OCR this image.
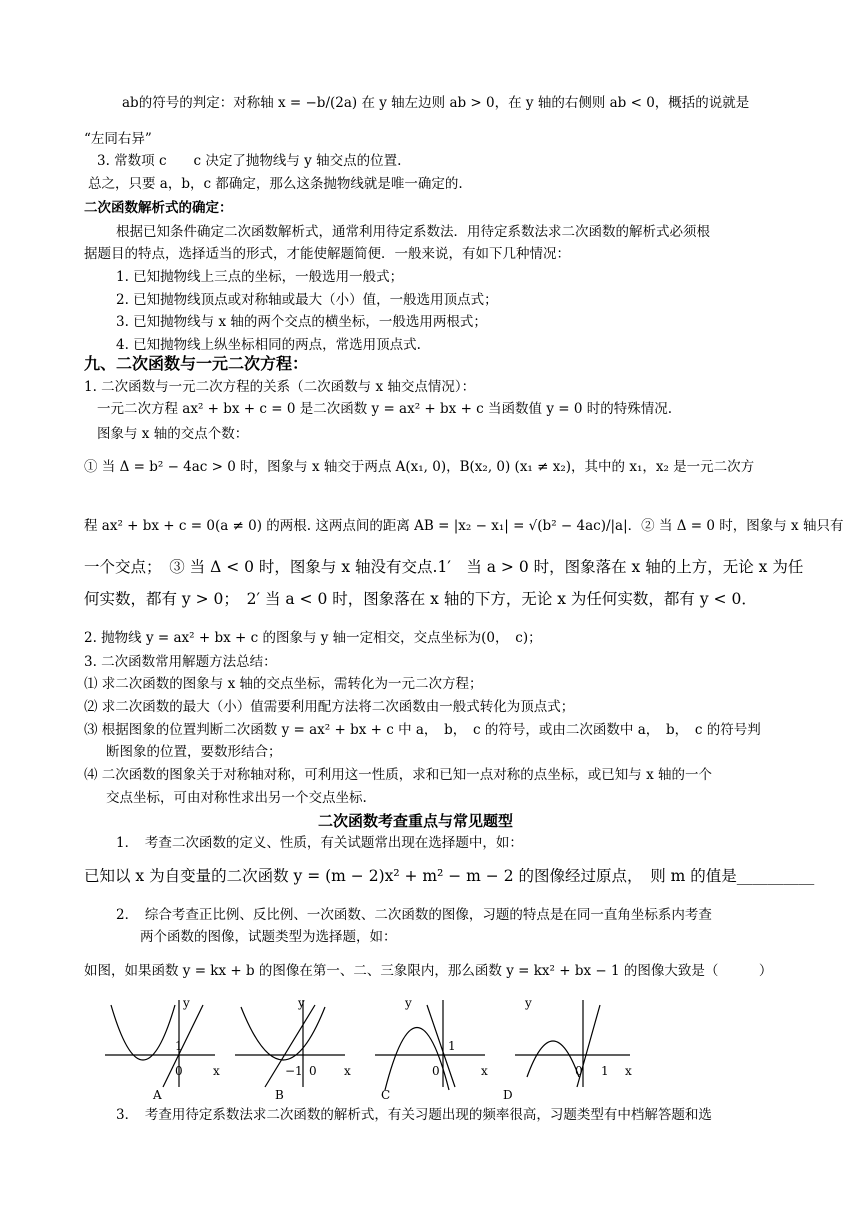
ab的符号的判定：对称轴 x = −b/(2a) 在 y 轴左边则 ab > 0，在 y 轴的右侧则 ab < 0，概括的说就是
“左同右异”
3. 常数项 c　　c 决定了抛物线与 y 轴交点的位置.
总之，只要 a，b，c 都确定，那么这条抛物线就是唯一确定的.
二次函数解析式的确定：
根据已知条件确定二次函数解析式，通常利用待定系数法．用待定系数法求二次函数的解析式必须根
据题目的特点，选择适当的形式，才能使解题简便．一般来说，有如下几种情况：
1. 已知抛物线上三点的坐标，一般选用一般式；
2. 已知抛物线顶点或对称轴或最大（小）值，一般选用顶点式；
3. 已知抛物线与 x 轴的两个交点的横坐标，一般选用两根式；
4. 已知抛物线上纵坐标相同的两点，常选用顶点式.
九、二次函数与一元二次方程：
1. 二次函数与一元二次方程的关系（二次函数与 x 轴交点情况）：
一元二次方程 ax² + bx + c = 0 是二次函数 y = ax² + bx + c 当函数值 y = 0 时的特殊情况.
图象与 x 轴的交点个数：
① 当 Δ = b² − 4ac > 0 时，图象与 x 轴交于两点 A(x₁, 0)，B(x₂, 0) (x₁ ≠ x₂)，其中的 x₁，x₂ 是一元二次方
程 ax² + bx + c = 0(a ≠ 0) 的两根. 这两点间的距离 AB = |x₂ − x₁| = √(b² − 4ac)/|a|．② 当 Δ = 0 时，图象与 x 轴只有
一个交点；　③ 当 Δ < 0 时，图象与 x 轴没有交点.1′　当 a > 0 时，图象落在 x 轴的上方，无论 x 为任
何实数，都有 y > 0；　2′ 当 a < 0 时，图象落在 x 轴的下方，无论 x 为任何实数，都有 y < 0．
2. 抛物线 y = ax² + bx + c 的图象与 y 轴一定相交，交点坐标为(0，　c)；
3. 二次函数常用解题方法总结：
⑴ 求二次函数的图象与 x 轴的交点坐标，需转化为一元二次方程；
⑵ 求二次函数的最大（小）值需要利用配方法将二次函数由一般式转化为顶点式；
⑶ 根据图象的位置判断二次函数 y = ax² + bx + c 中 a，　b，　c 的符号，或由二次函数中 a，　b，　c 的符号判
断图象的位置，要数形结合；
⑷ 二次函数的图象关于对称轴对称，可利用这一性质，求和已知一点对称的点坐标，或已知与 x 轴的一个
交点坐标，可由对称性求出另一个交点坐标.
二次函数考查重点与常见题型
1．　考查二次函数的定义、性质，有关试题常出现在选择题中，如：
已知以 x 为自变量的二次函数 y = (m − 2)x² + m² − m − 2 的图像经过原点，　则 m 的值是__________
2．　综合考查正比例、反比例、一次函数、二次函数的图像，习题的特点是在同一直角坐标系内考查
两个函数的图像，试题类型为选择题，如：
如图，如果函数 y = kx + b 的图像在第一、二、三象限内，那么函数 y = kx² + bx − 1 的图像大致是（　　　）
y
x
1
0
A
y
x
−1 0
B
y
x
1
0
C
y
x
0 1
D
3．　考查用待定系数法求二次函数的解析式，有关习题出现的频率很高，习题类型有中档解答题和选
